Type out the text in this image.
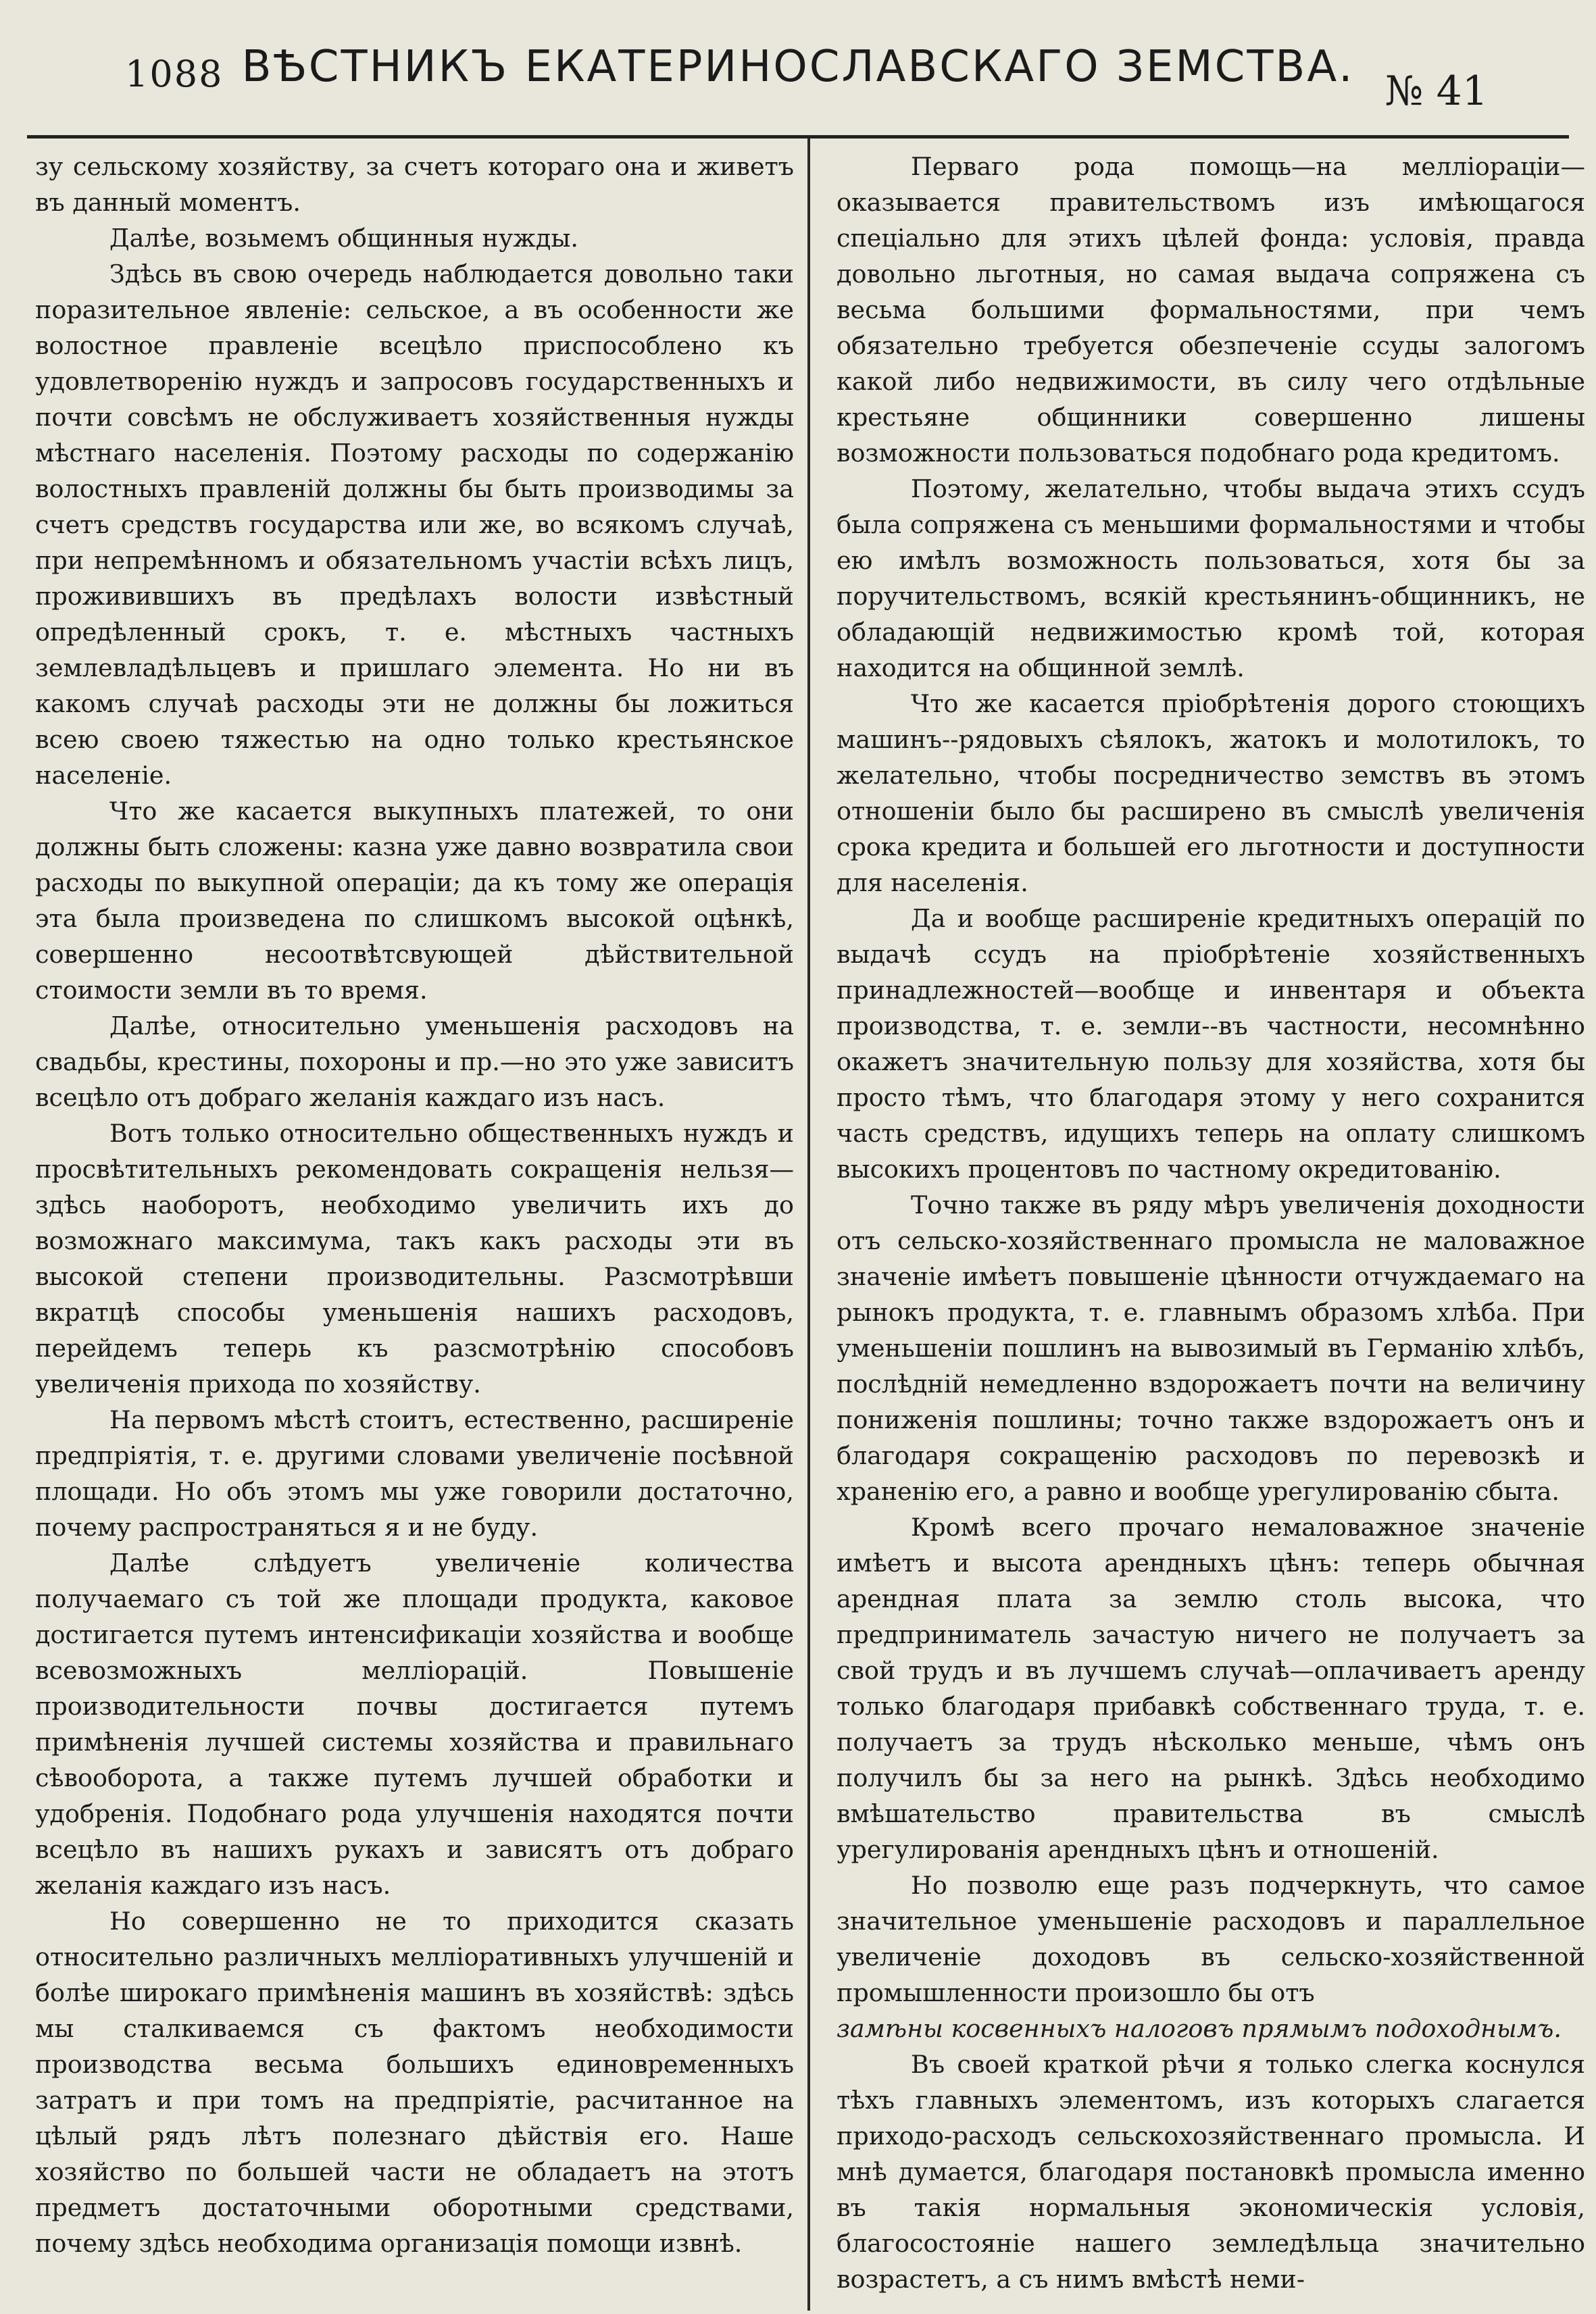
1088 ВѢСТНИКЪ ЕКАТЕРИНОСЛАВСКАГО ЗЕМСТВА. № 41

зу сельскому хозяйству, за счетъ котораго она и живетъ въ данный моментъ.

Далѣе, возьмемъ общинныя нужды.

Здѣсь въ свою очередь наблюдается довольно таки поразительное явленіе: сельское, а въ особенности же волостное правленіе всецѣло приспособлено къ удовлетворенію нуждъ и запросовъ государственныхъ и почти совсѣмъ не обслуживаетъ хозяйственныя нужды мѣстнаго населенія. Поэтому расходы по содержанію волостныхъ правленій должны бы быть производимы за счетъ средствъ государства или же, во всякомъ случаѣ, при непремѣнномъ и обязательномъ участіи всѣхъ лицъ, проживившихъ въ предѣлахъ волости извѣстный опредѣленный срокъ, т. е. мѣстныхъ частныхъ землевладѣльцевъ и пришлаго элемента. Но ни въ какомъ случаѣ расходы эти не должны бы ложиться всею своею тяжестью на одно только крестьянское населеніе.

Что же касается выкупныхъ платежей, то они должны быть сложены: казна уже давно возвратила свои расходы по выкупной операціи; да къ тому же операція эта была произведена по слишкомъ высокой оцѣнкѣ, совершенно несоотвѣтсвующей дѣйствительной стоимости земли въ то время.

Далѣе, относительно уменьшенія расходовъ на свадьбы, крестины, похороны и пр.—но это уже зависитъ всецѣло отъ добраго желанія каждаго изъ насъ.

Вотъ только относительно общественныхъ нуждъ и просвѣтительныхъ рекомендовать сокращенія нельзя—здѣсь наоборотъ, необходимо увеличить ихъ до возможнаго максимума, такъ какъ расходы эти въ высокой степени производительны. Разсмотрѣвши вкратцѣ способы уменьшенія нашихъ расходовъ, перейдемъ теперь къ разсмотрѣнію способовъ увеличенія прихода по хозяйству.

На первомъ мѣстѣ стоитъ, естественно, расширеніе предпріятія, т. е. другими словами увеличеніе посѣвной площади. Но объ этомъ мы уже говорили достаточно, почему распространяться я и не буду.

Далѣе слѣдуетъ увеличеніе количества получаемаго съ той же площади продукта, каковое достигается путемъ интенсификаціи хозяйства и вообще всевозможныхъ мелліорацій. Повышеніе производительности почвы достигается путемъ примѣненія лучшей системы хозяйства и правильнаго сѣвооборота, а также путемъ лучшей обработки и удобренія. Подобнаго рода улучшенія находятся почти всецѣло въ нашихъ рукахъ и зависятъ отъ добраго желанія каждаго изъ насъ.

Но совершенно не то приходится сказать относительно различныхъ мелліоративныхъ улучшеній и болѣе широкаго примѣненія машинъ въ хозяйствѣ: здѣсь мы сталкиваемся съ фактомъ необходимости производства весьма большихъ единовременныхъ затратъ и при томъ на предпріятіе, расчитанное на цѣлый рядъ лѣтъ полезнаго дѣйствія его. Наше хозяйство по большей части не обладаетъ на этотъ предметъ достаточными оборотными средствами, почему здѣсь необходима организація помощи извнѣ.

Перваго рода помощь—на мелліораціи—оказывается правительствомъ изъ имѣющагося спеціально для этихъ цѣлей фонда: условія, правда довольно льготныя, но самая выдача сопряжена съ весьма большими формальностями, при чемъ обязательно требуется обезпеченіе ссуды залогомъ какой либо недвижимости, въ силу чего отдѣльные крестьяне общинники совершенно лишены возможности пользоваться подобнаго рода кредитомъ.

Поэтому, желательно, чтобы выдача этихъ ссудъ была сопряжена съ меньшими формальностями и чтобы ею имѣлъ возможность пользоваться, хотя бы за поручительствомъ, всякій крестьянинъ-общинникъ, не обладающій недвижимостью кромѣ той, которая находится на общинной землѣ.

Что же касается пріобрѣтенія дорого стоющихъ машинъ--рядовыхъ сѣялокъ, жатокъ и молотилокъ, то желательно, чтобы посредничество земствъ въ этомъ отношеніи было бы расширено въ смыслѣ увеличенія срока кредита и большей его льготности и доступности для населенія.

Да и вообще расширеніе кредитныхъ операцій по выдачѣ ссудъ на пріобрѣтеніе хозяйственныхъ принадлежностей—вообще и инвентаря и объекта производства, т. е. земли--въ частности, несомнѣнно окажетъ значительную пользу для хозяйства, хотя бы просто тѣмъ, что благодаря этому у него сохранится часть средствъ, идущихъ теперь на оплату слишкомъ высокихъ процентовъ по частному окредитованію.

Точно также въ ряду мѣръ увеличенія доходности отъ сельско-хозяйственнаго промысла не маловажное значеніе имѣетъ повышеніе цѣнности отчуждаемаго на рынокъ продукта, т. е. главнымъ образомъ хлѣба. При уменьшеніи пошлинъ на вывозимый въ Германію хлѣбъ, послѣдній немедленно вздорожаетъ почти на величину пониженія пошлины; точно также вздорожаетъ онъ и благодаря сокращенію расходовъ по перевозкѣ и храненію его, а равно и вообще урегулированію сбыта.

Кромѣ всего прочаго немаловажное значеніе имѣетъ и высота арендныхъ цѣнъ: теперь обычная арендная плата за землю столь высока, что предприниматель зачастую ничего не получаетъ за свой трудъ и въ лучшемъ случаѣ—оплачиваетъ аренду только благодаря прибавкѣ собственнаго труда, т. е. получаетъ за трудъ нѣсколько меньше, чѣмъ онъ получилъ бы за него на рынкѣ. Здѣсь необходимо вмѣшательство правительства въ смыслѣ урегулированія арендныхъ цѣнъ и отношеній.

Но позволю еще разъ подчеркнуть, что самое значительное уменьшеніе расходовъ и параллельное увеличеніе доходовъ въ сельско-хозяйственной промышленности произошло бы отъ

замѣны косвенныхъ налоговъ прямымъ подоходнымъ.

Въ своей краткой рѣчи я только слегка коснулся тѣхъ главныхъ элементомъ, изъ которыхъ слагается приходо-расходъ сельскохозяйственнаго промысла. И мнѣ думается, благодаря постановкѣ промысла именно въ такія нормальныя экономическія условія, благосостояніе нашего земледѣльца значительно возрастетъ, а съ нимъ вмѣстѣ неми-
